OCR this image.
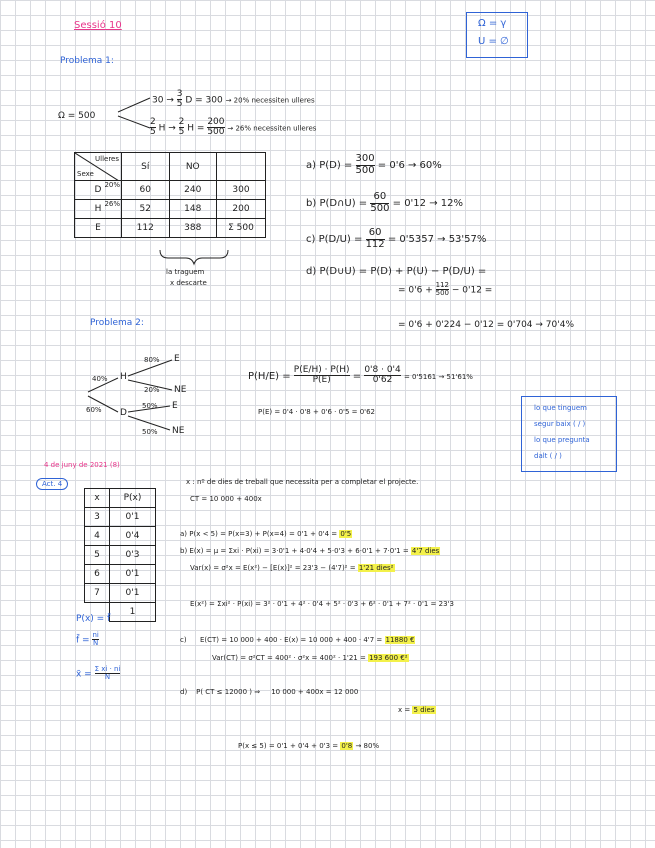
Sessió 10	Ω = γ
U = ∅
Problema 1:
Ω = 500
$30 \to \frac{3}{5}$ D = 300 → 20% necessiten ulleres
$\frac{2}{5}$ $H \to \frac{2}{5}$ $H = \frac{200}{500} \to 26\%$ necessiten ulleres
Ulleres
Sexe	Sí	NO	
D 20%	60	240	300
H 26%	52	148	200
E	112	388	Σ 500
la traguem
x descarte
a) $P(D) = \frac{300}{500} = 0'6 \to 60\%$
b) P(D∩U) = $\frac{60}{500} = 0'12 \to 12\%$
c) $P(D/U) = \frac{60}{112} = 0'5357 \to 53'57\%$
d) P(D∪U) = P(D) + P(U) − P(D/U) =
= $0'6 + \frac{112}{500} - 0'12$ =
= 0'6 + 0'224 − 0'12 = 0'704 → 70'4%
Problema 2:
40% H
60% D
80% E
20% NE
50% E
50% NE
$P(H/E) = \frac{P(E/H) \cdot P(H)}{P(E)} = \frac{0'8 \cdot 0'4}{0'62} = 0'5161 \to 51'61\%$
P(E) = 0'4 · 0'8 + 0'6 · 0'5 = 0'62	lo que tinguem
segur baix ( / )
lo que pregunta
dalt ( / )
4 de juny de 2021 (8)
Act. 4	x : nº de dies de treball que necessita per a completar el projecte.
CT = 10 000 + 400x
x	P(x)
3	0'1
4	0'4
5	0'3
6	0'1
7	0'1
	1
P(x) = f̄
f̄ = $\frac{ni}{N}$
x̄ = $\frac{\text{Σ xi · ni}}{N}$
a) P(x < 5) = P(x=3) + P(x=4) = 0'1 + 0'4 = 0'5
b) E(x) = μ = Σxi · P(xi) = 3·0'1 + 4·0'4 + 5·0'3 + 6·0'1 + 7·0'1 = 4'7 dies
Var(x) = σ²x = E(x²) − [E(x)]² = 23'3 − (4'7)² = 1'21 dies²
E(x²) = Σxi² · P(xi) = 3² · 0'1 + 4² · 0'4 + 5² · 0'3 + 6² · 0'1 + 7² · 0'1 = 23'3
c) E(CT) = 10 000 + 400 · E(x) = 10 000 + 400 · 4'7 = 11880 €
Var(CT) = σ²CT = 400² · σ²x = 400² · 1'21 = 193 600 €²
d) P( CT ≤ 12000 ) ⇒ 10 000 + 400x = 12 000
x = 5 dies
P(x ≤ 5) = 0'1 + 0'4 + 0'3 = 0'8 → 80%
